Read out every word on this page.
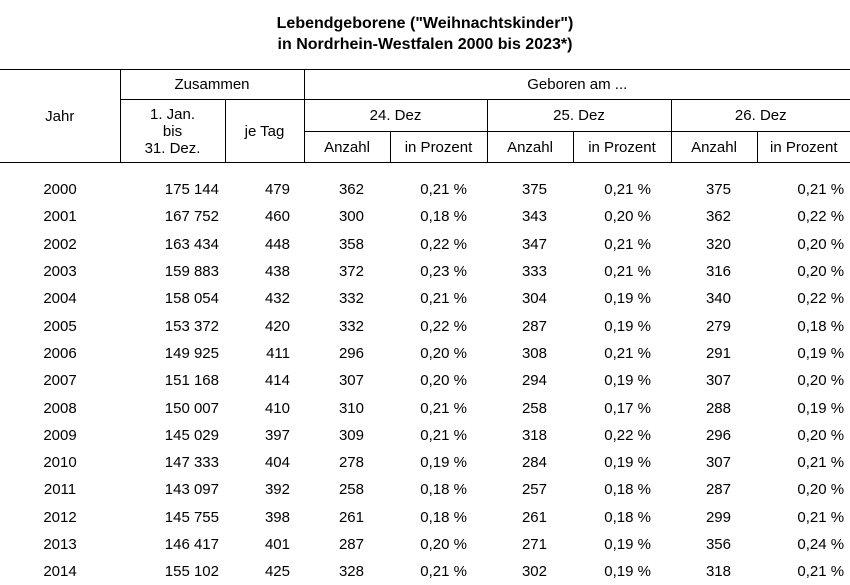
Lebendgeborene ("Weihnachtskinder")
in Nordrhein-Westfalen 2000 bis 2023*)
Jahr	Zusammen		Geboren am ...					

	1. Jan.
bis
31. Dez.	je Tag	24. Dez		25. Dez		26. Dez	
			Anzahl	in Prozent	Anzahl	in Prozent	Anzahl	in Prozent
2000	175 144	479	362	0,21 %	375	0,21 %	375	0,21 %
2001	167 752	460	300	0,18 %	343	0,20 %	362	0,22 %
2002	163 434	448	358	0,22 %	347	0,21 %	320	0,20 %
2003	159 883	438	372	0,23 %	333	0,21 %	316	0,20 %
2004	158 054	432	332	0,21 %	304	0,19 %	340	0,22 %
2005	153 372	420	332	0,22 %	287	0,19 %	279	0,18 %
2006	149 925	411	296	0,20 %	308	0,21 %	291	0,19 %
2007	151 168	414	307	0,20 %	294	0,19 %	307	0,20 %
2008	150 007	410	310	0,21 %	258	0,17 %	288	0,19 %
2009	145 029	397	309	0,21 %	318	0,22 %	296	0,20 %
2010	147 333	404	278	0,19 %	284	0,19 %	307	0,21 %
2011	143 097	392	258	0,18 %	257	0,18 %	287	0,20 %
2012	145 755	398	261	0,18 %	261	0,18 %	299	0,21 %
2013	146 417	401	287	0,20 %	271	0,19 %	356	0,24 %
2014	155 102	425	328	0,21 %	302	0,19 %	318	0,21 %
